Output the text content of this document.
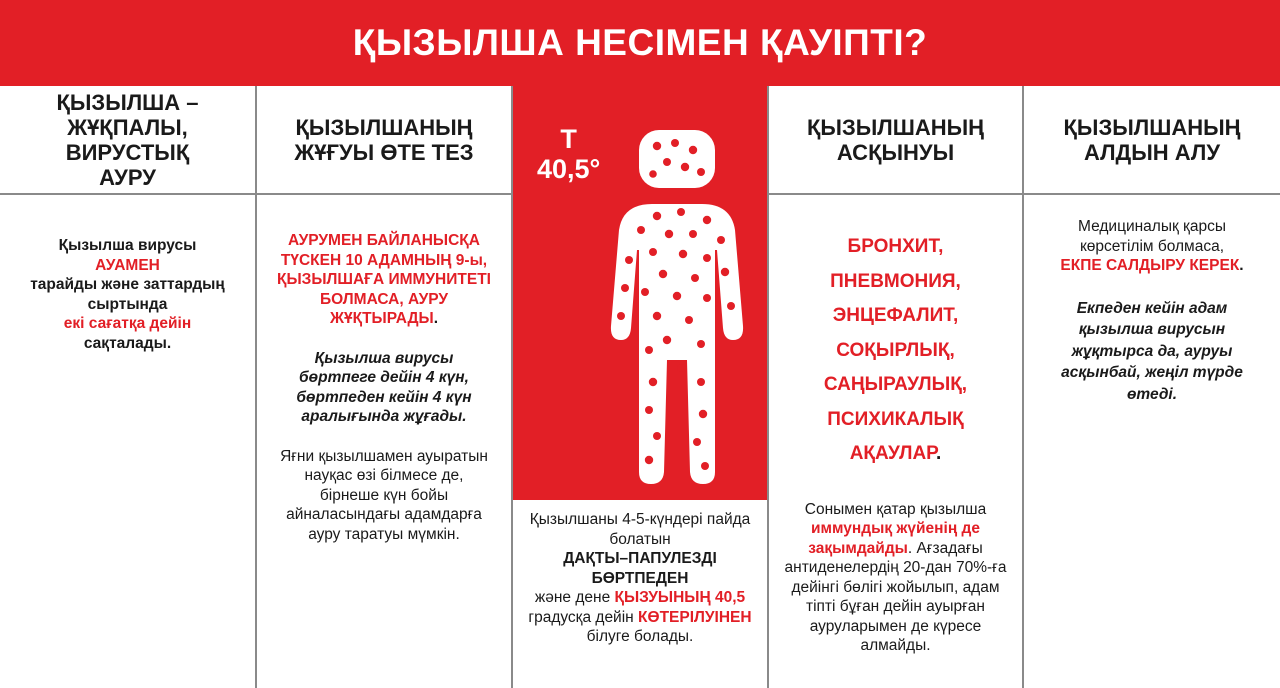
ҚЫЗЫЛША НЕСІМЕН ҚАУІПТІ?
ҚЫЗЫЛША – ЖҰҚПАЛЫ, ВИРУСТЫҚ АУРУ
Қызылша вирусы
АУАМЕН
тарайды және заттардың сыртында
екі сағатқа дейін
сақталады.
ҚЫЗЫЛШАНЫҢ ЖҰҒУЫ ӨТЕ ТЕЗ
АУРУМЕН БАЙЛАНЫСҚА ТҮСКЕН 10 АДАМНЫҢ 9-ы, ҚЫЗЫЛШАҒА ИММУНИТЕТІ БОЛМАСА, АУРУ ЖҰҚТЫРАДЫ.
Қызылша вирусы бөртпеге дейін 4 күн, бөртпеден кейін 4 күн аралығында жұғады.
Яғни қызылшамен ауыратын науқас өзі білмесе де, бірнеше күн бойы айналасындағы адамдарға ауру таратуы мүмкін.
Т
40,5°
Қызылшаны 4-5-күндері пайда болатын
ДАҚТЫ–ПАПУЛЕЗДІ БӨРТПЕДЕН
және дене ҚЫЗУЫНЫҢ 40,5 градусқа дейін КӨТЕРІЛУІНЕН білуге болады.
ҚЫЗЫЛШАНЫҢ АСҚЫНУЫ
БРОНХИТ,
ПНЕВМОНИЯ,
ЭНЦЕФАЛИТ,
СОҚЫРЛЫҚ,
САҢЫРАУЛЫҚ,
ПСИХИКАЛЫҚ
АҚАУЛАР.
Сонымен қатар қызылша
иммундық жүйенің де зақымдайды. Ағзадағы антиденелердің 20-дан 70%-ға дейінгі бөлігі жойылып, адам тіпті бұған дейін ауырған ауруларымен де күресе алмайды.
ҚЫЗЫЛШАНЫҢ АЛДЫН АЛУ
Медициналық қарсы көрсетілім болмаса,
ЕКПЕ САЛДЫРУ КЕРЕК.
Екпеден кейін адам қызылша вирусын жұқтырса да, ауруы асқынбай, жеңіл түрде өтеді.
